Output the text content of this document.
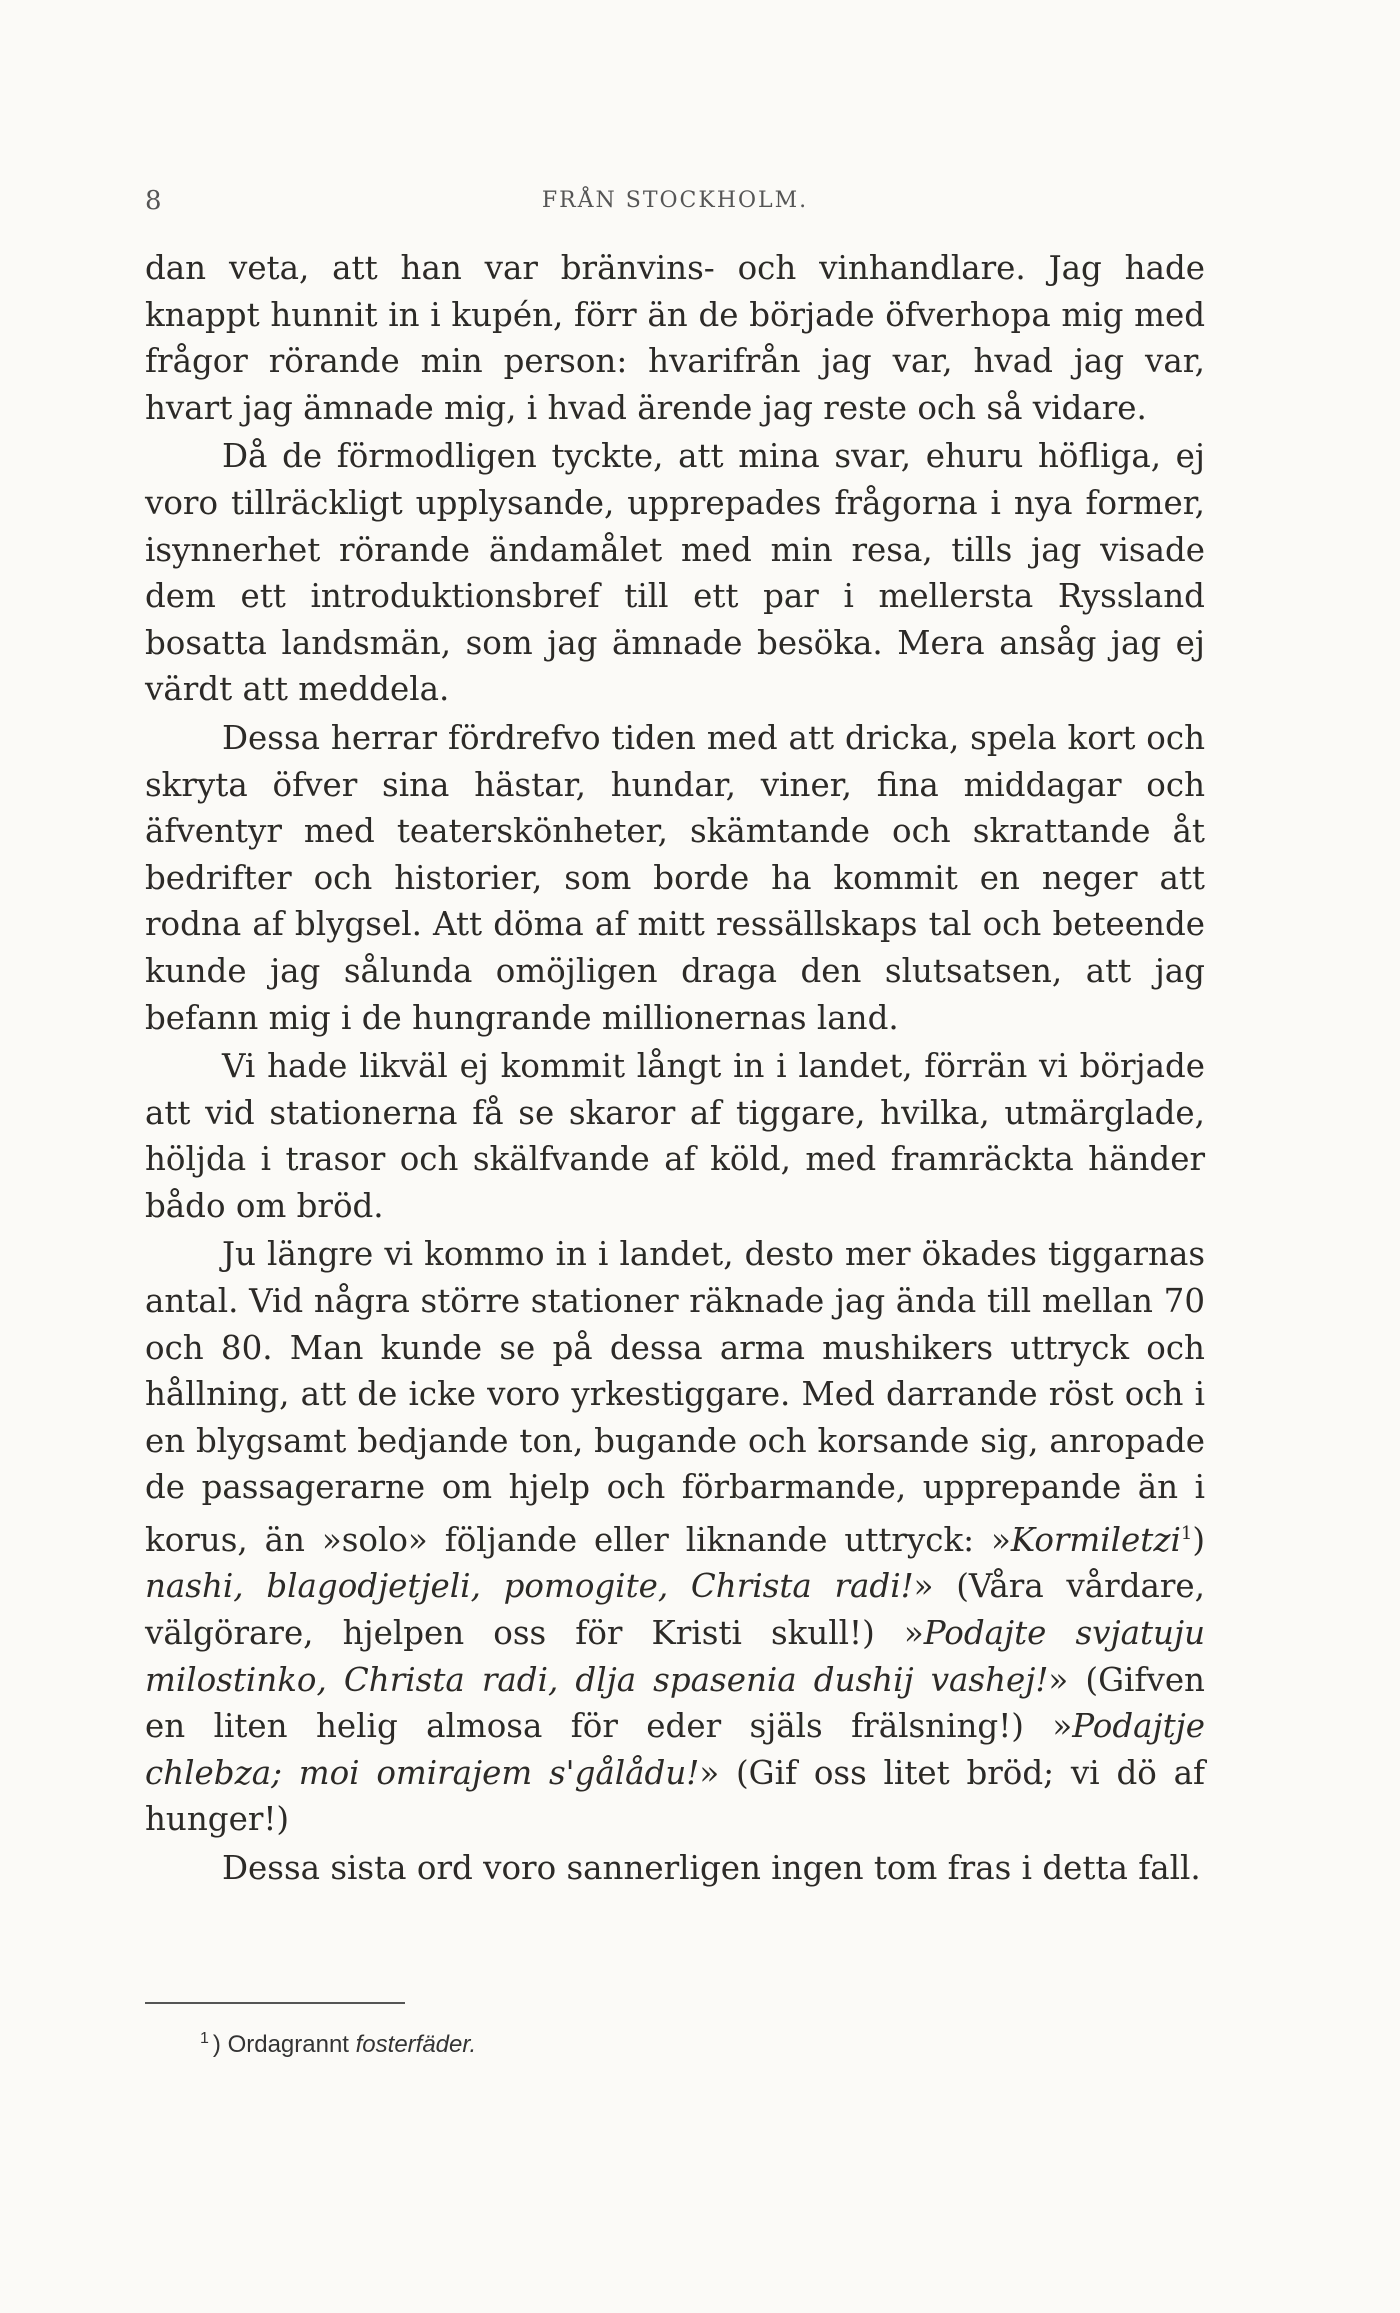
8	FRÅN STOCKHOLM.

dan veta, att han var bränvins- och vinhandlare. Jag hade knappt hunnit in i kupén, förr än de började öfverhopa mig med frågor rörande min person: hvarifrån jag var, hvad jag var, hvart jag ämnade mig, i hvad ärende jag reste och så vidare.

Då de förmodligen tyckte, att mina svar, ehuru höfliga, ej voro tillräckligt upplysande, upprepades frågorna i nya former, isynnerhet rörande ändamålet med min resa, tills jag visade dem ett introduktionsbref till ett par i mellersta Ryssland bosatta landsmän, som jag ämnade besöka. Mera ansåg jag ej värdt att meddela.

Dessa herrar fördrefvo tiden med att dricka, spela kort och skryta öfver sina hästar, hundar, viner, fina middagar och äfventyr med teaterskönheter, skämtande och skrattande åt bedrifter och historier, som borde ha kommit en neger att rodna af blygsel. Att döma af mitt ressällskaps tal och beteende kunde jag sålunda omöjligen draga den slutsatsen, att jag befann mig i de hungrande millionernas land.

Vi hade likväl ej kommit långt in i landet, förrän vi började att vid stationerna få se skaror af tiggare, hvilka, utmärglade, höljda i trasor och skälfvande af köld, med framräckta händer bådo om bröd.

Ju längre vi kommo in i landet, desto mer ökades tiggarnas antal. Vid några större stationer räknade jag ända till mellan 70 och 80. Man kunde se på dessa arma mushikers uttryck och hållning, att de icke voro yrkestiggare. Med darrande röst och i en blygsamt bedjande ton, bugande och korsande sig, anropade de passagerarne om hjelp och förbarmande, upprepande än i korus, än »solo» följande eller liknande uttryck: »Kormiletzi$^1$) nashi, blagodjetjeli, pomogite, Christa radi!» (Våra vårdare, välgörare, hjelpen oss för Kristi skull!) »Podajte svjatuju milostinko, Christa radi, dlja spasenia dushij vashej!» (Gifven en liten helig almosa för eder själs frälsning!) »Podajtje chlebza; moi omirajem s'gålådu!» (Gif oss litet bröd; vi dö af hunger!)

Dessa sista ord voro sannerligen ingen tom fras i detta fall.

$^1$ ) Ordagrannt fosterfäder.
